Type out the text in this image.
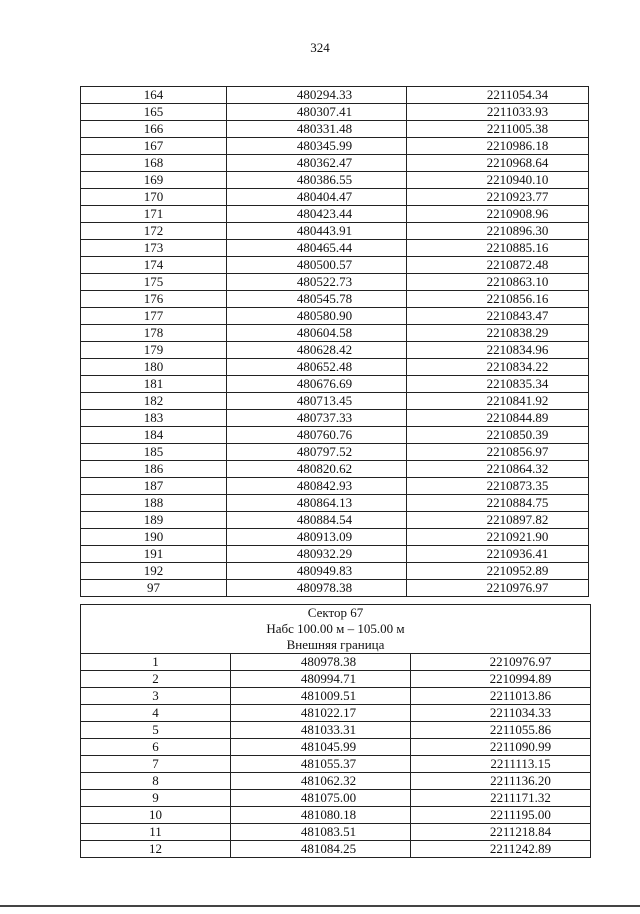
324
164	480294.33	2211054.34
165	480307.41	2211033.93
166	480331.48	2211005.38
167	480345.99	2210986.18
168	480362.47	2210968.64
169	480386.55	2210940.10
170	480404.47	2210923.77
171	480423.44	2210908.96
172	480443.91	2210896.30
173	480465.44	2210885.16
174	480500.57	2210872.48
175	480522.73	2210863.10
176	480545.78	2210856.16
177	480580.90	2210843.47
178	480604.58	2210838.29
179	480628.42	2210834.96
180	480652.48	2210834.22
181	480676.69	2210835.34
182	480713.45	2210841.92
183	480737.33	2210844.89
184	480760.76	2210850.39
185	480797.52	2210856.97
186	480820.62	2210864.32
187	480842.93	2210873.35
188	480864.13	2210884.75
189	480884.54	2210897.82
190	480913.09	2210921.90
191	480932.29	2210936.41
192	480949.83	2210952.89
97	480978.38	2210976.97
Сектор 67		
Набс 100.00 м – 105.00 м		
Внешняя граница		
1	480978.38	2210976.97
2	480994.71	2210994.89
3	481009.51	2211013.86
4	481022.17	2211034.33
5	481033.31	2211055.86
6	481045.99	2211090.99
7	481055.37	2211113.15
8	481062.32	2211136.20
9	481075.00	2211171.32
10	481080.18	2211195.00
11	481083.51	2211218.84
12	481084.25	2211242.89
